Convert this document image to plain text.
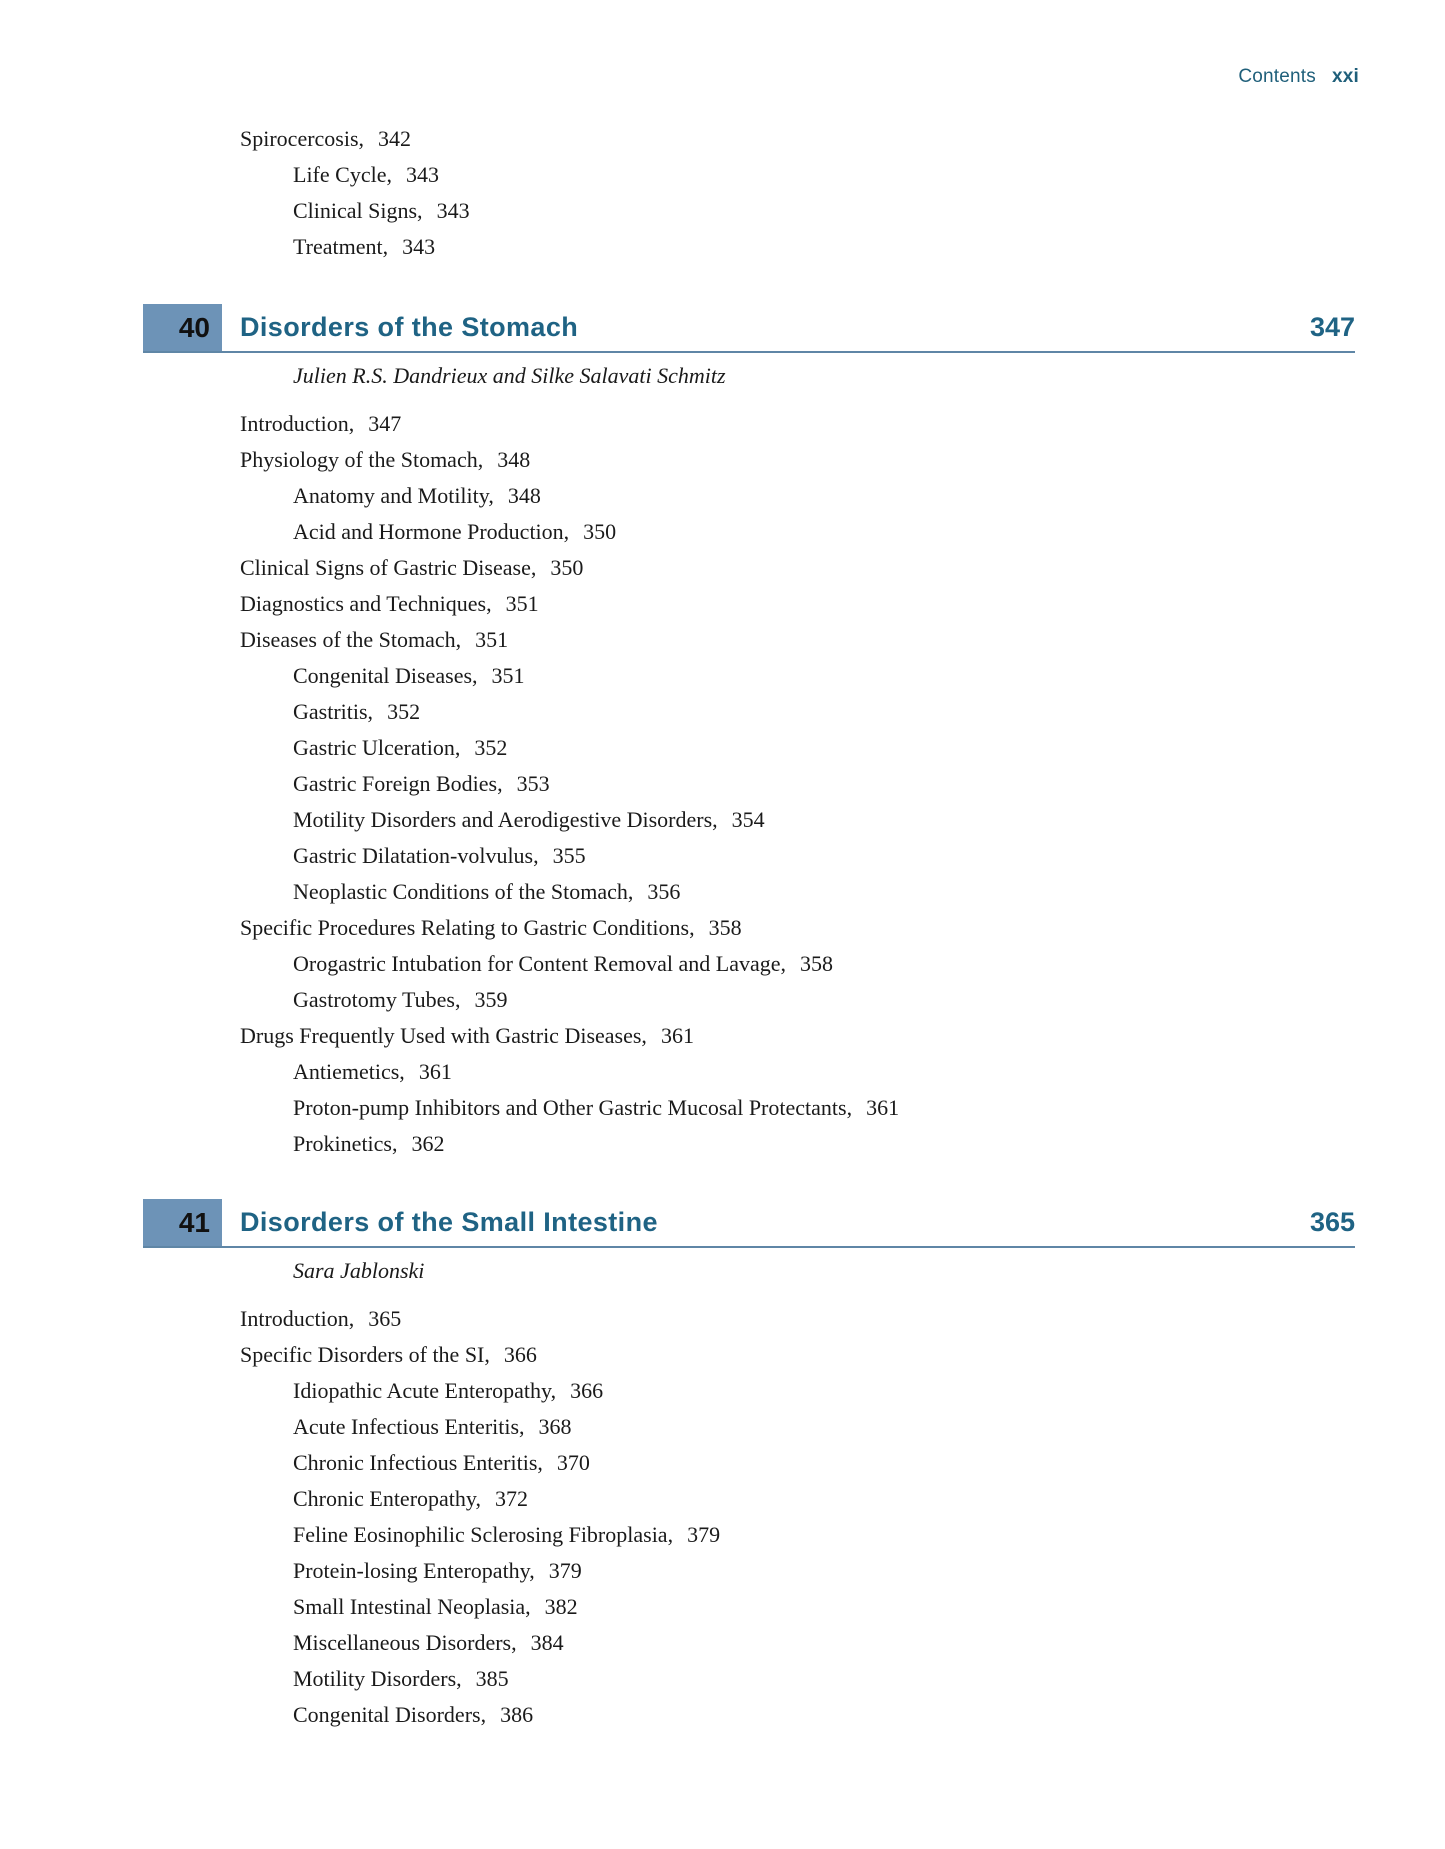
Contents xxi
Spirocercosis, 342
Life Cycle, 343
Clinical Signs, 343
Treatment, 343
40	Disorders of the Stomach	347
Julien R.S. Dandrieux and Silke Salavati Schmitz
Introduction, 347
Physiology of the Stomach, 348
Anatomy and Motility, 348
Acid and Hormone Production, 350
Clinical Signs of Gastric Disease, 350
Diagnostics and Techniques, 351
Diseases of the Stomach, 351
Congenital Diseases, 351
Gastritis, 352
Gastric Ulceration, 352
Gastric Foreign Bodies, 353
Motility Disorders and Aerodigestive Disorders, 354
Gastric Dilatation-volvulus, 355
Neoplastic Conditions of the Stomach, 356
Specific Procedures Relating to Gastric Conditions, 358
Orogastric Intubation for Content Removal and Lavage, 358
Gastrotomy Tubes, 359
Drugs Frequently Used with Gastric Diseases, 361
Antiemetics, 361
Proton-pump Inhibitors and Other Gastric Mucosal Protectants, 361
Prokinetics, 362
41	Disorders of the Small Intestine	365
Sara Jablonski
Introduction, 365
Specific Disorders of the SI, 366
Idiopathic Acute Enteropathy, 366
Acute Infectious Enteritis, 368
Chronic Infectious Enteritis, 370
Chronic Enteropathy, 372
Feline Eosinophilic Sclerosing Fibroplasia, 379
Protein-losing Enteropathy, 379
Small Intestinal Neoplasia, 382
Miscellaneous Disorders, 384
Motility Disorders, 385
Congenital Disorders, 386
